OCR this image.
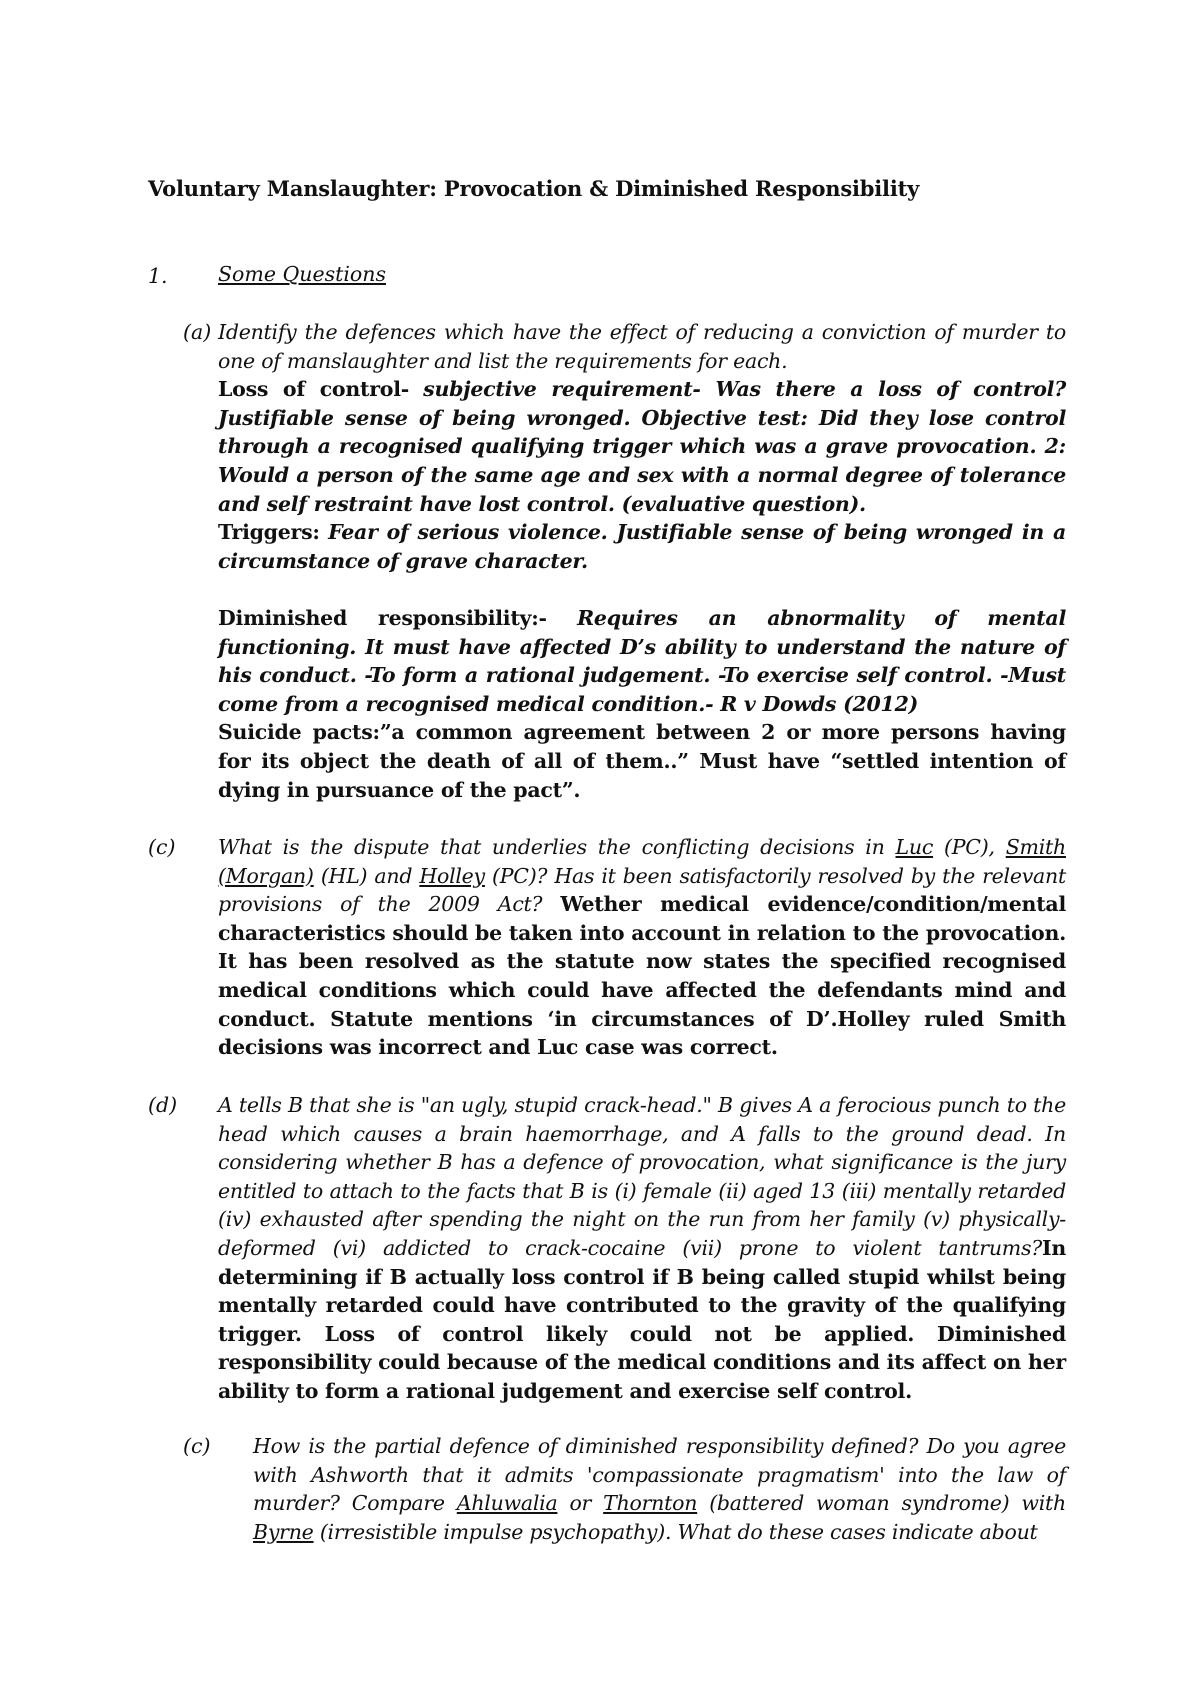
Voluntary Manslaughter: Provocation & Diminished Responsibility
1. Some Questions
(a) Identify the defences which have the effect of reducing a conviction of murder to one of manslaughter and list the requirements for each.
Loss of control- subjective requirement- Was there a loss of control? Justifiable sense of being wronged. Objective test: Did they lose control through a recognised qualifying trigger which was a grave provocation. 2: Would a person of the same age and sex with a normal degree of tolerance and self restraint have lost control. (evaluative question).
Triggers: Fear of serious violence. Justifiable sense of being wronged in a circumstance of grave character.

Diminished responsibility:- Requires an abnormality of mental functioning. It must have affected D’s ability to understand the nature of his conduct. -To form a rational judgement. -To exercise self control. -Must come from a recognised medical condition.- R v Dowds (2012)
Suicide pacts:”a common agreement between 2 or more persons having for its object the death of all of them..” Must have “settled intention of dying in pursuance of the pact”.
(c) What is the dispute that underlies the conflicting decisions in Luc (PC), Smith (Morgan) (HL) and Holley (PC)? Has it been satisfactorily resolved by the relevant provisions of the 2009 Act? Wether medical evidence/condition/mental characteristics should be taken into account in relation to the provocation. It has been resolved as the statute now states the specified recognised medical conditions which could have affected the defendants mind and conduct. Statute mentions ‘in circumstances of D’.Holley ruled Smith decisions was incorrect and Luc case was correct.
(d) A tells B that she is "an ugly, stupid crack-head." B gives A a ferocious punch to the head which causes a brain haemorrhage, and A falls to the ground dead. In considering whether B has a defence of provocation, what significance is the jury entitled to attach to the facts that B is (i) female (ii) aged 13 (iii) mentally retarded (iv) exhausted after spending the night on the run from her family (v) physically-deformed (vi) addicted to crack-cocaine (vii) prone to violent tantrums?In determining if B actually loss control if B being called stupid whilst being mentally retarded could have contributed to the gravity of the qualifying trigger. Loss of control likely could not be applied. Diminished responsibility could because of the medical conditions and its affect on her ability to form a rational judgement and exercise self control.
(c) How is the partial defence of diminished responsibility defined? Do you agree with Ashworth that it admits 'compassionate pragmatism' into the law of murder? Compare Ahluwalia or Thornton (battered woman syndrome) with Byrne (irresistible impulse psychopathy). What do these cases indicate about
